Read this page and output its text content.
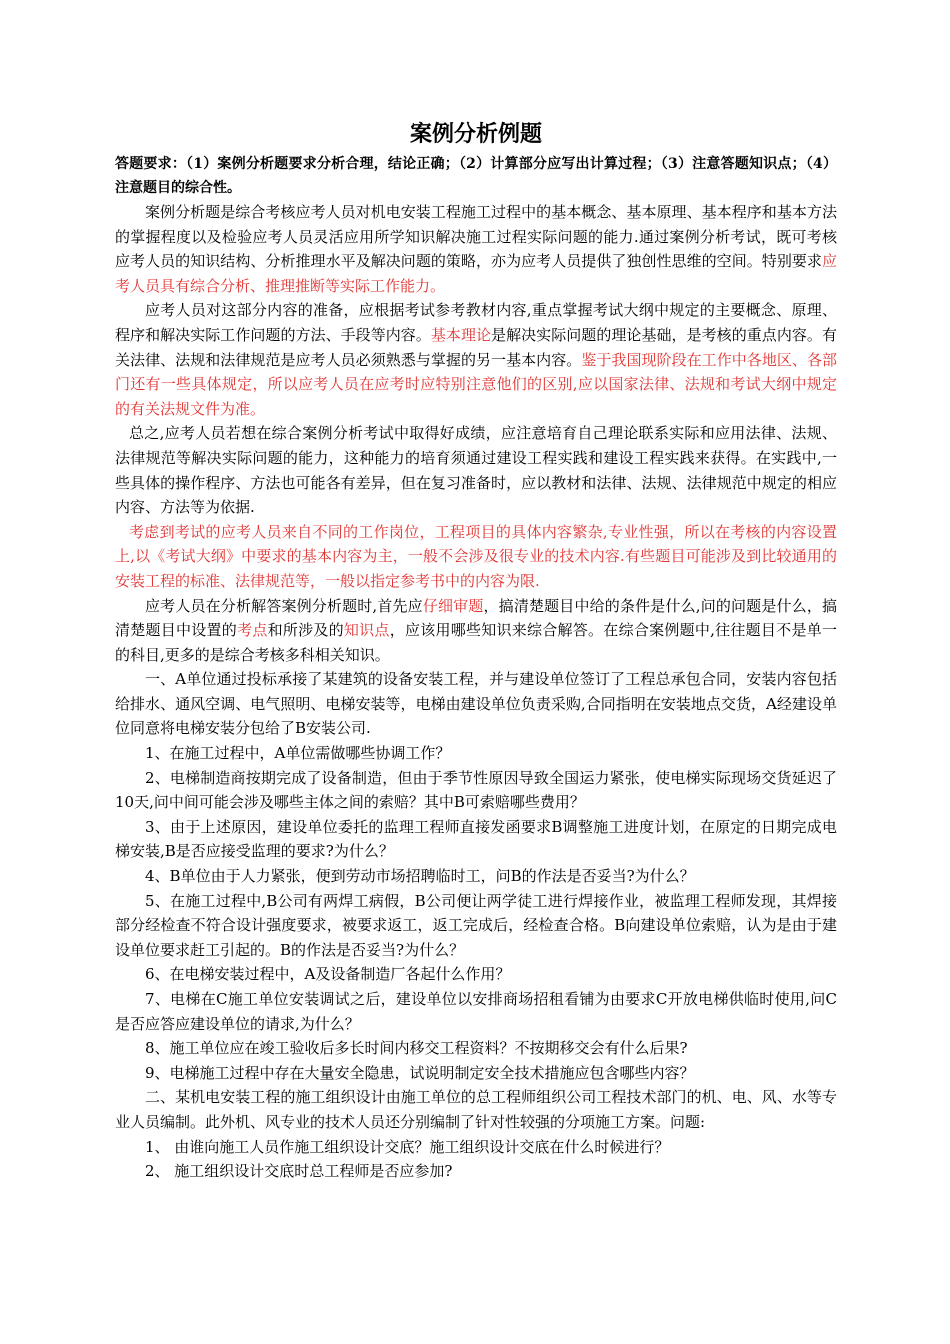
案例分析例题

答题要求：（1）案例分析题要求分析合理，结论正确；（2）计算部分应写出计算过程；（3）注意答题知识点；（4）注意题目的综合性。

案例分析题是综合考核应考人员对机电安装工程施工过程中的基本概念、基本原理、基本程序和基本方法的掌握程度以及检验应考人员灵活应用所学知识解决施工过程实际问题的能力.通过案例分析考试，既可考核应考人员的知识结构、分析推理水平及解决问题的策略，亦为应考人员提供了独创性思维的空间。特别要求应考人员具有综合分析、推理推断等实际工作能力。

应考人员对这部分内容的准备，应根据考试参考教材内容,重点掌握考试大纲中规定的主要概念、原理、程序和解决实际工作问题的方法、手段等内容。基本理论是解决实际问题的理论基础，是考核的重点内容。有关法律、法规和法律规范是应考人员必须熟悉与掌握的另一基本内容。鉴于我国现阶段在工作中各地区、各部门还有一些具体规定，所以应考人员在应考时应特别注意他们的区别,应以国家法律、法规和考试大纲中规定的有关法规文件为准。

总之,应考人员若想在综合案例分析考试中取得好成绩，应注意培育自己理论联系实际和应用法律、法规、法律规范等解决实际问题的能力，这种能力的培育须通过建设工程实践和建设工程实践来获得。在实践中,一些具体的操作程序、方法也可能各有差异，但在复习准备时，应以教材和法律、法规、法律规范中规定的相应内容、方法等为依据.

考虑到考试的应考人员来自不同的工作岗位，工程项目的具体内容繁杂,专业性强，所以在考核的内容设置上,以《考试大纲》中要求的基本内容为主，一般不会涉及很专业的技术内容.有些题目可能涉及到比较通用的安装工程的标准、法律规范等，一般以指定参考书中的内容为限.

应考人员在分析解答案例分析题时,首先应仔细审题，搞清楚题目中给的条件是什么,问的问题是什么，搞清楚题目中设置的考点和所涉及的知识点，应该用哪些知识来综合解答。在综合案例题中,往往题目不是单一的科目,更多的是综合考核多科相关知识。

一、A单位通过投标承接了某建筑的设备安装工程，并与建设单位签订了工程总承包合同，安装内容包括给排水、通风空调、电气照明、电梯安装等，电梯由建设单位负责采购,合同指明在安装地点交货，A经建设单位同意将电梯安装分包给了B安装公司.

1、在施工过程中，A单位需做哪些协调工作？

2、电梯制造商按期完成了设备制造，但由于季节性原因导致全国运力紧张，使电梯实际现场交货延迟了10天,问中间可能会涉及哪些主体之间的索赔？其中B可索赔哪些费用？

3、由于上述原因，建设单位委托的监理工程师直接发函要求B调整施工进度计划，在原定的日期完成电梯安装,B是否应接受监理的要求?为什么？

4、B单位由于人力紧张，便到劳动市场招聘临时工，问B的作法是否妥当?为什么？

5、在施工过程中,B公司有两焊工病假，B公司便让两学徒工进行焊接作业，被监理工程师发现，其焊接部分经检查不符合设计强度要求，被要求返工，返工完成后，经检查合格。B向建设单位索赔，认为是由于建设单位要求赶工引起的。B的作法是否妥当?为什么？

6、在电梯安装过程中，A及设备制造厂各起什么作用？

7、电梯在C施工单位安装调试之后，建设单位以安排商场招租看铺为由要求C开放电梯供临时使用,问C是否应答应建设单位的请求,为什么？

8、施工单位应在竣工验收后多长时间内移交工程资料？不按期移交会有什么后果?

9、电梯施工过程中存在大量安全隐患，试说明制定安全技术措施应包含哪些内容？

二、某机电安装工程的施工组织设计由施工单位的总工程师组织公司工程技术部门的机、电、风、水等专业人员编制。此外机、风专业的技术人员还分别编制了针对性较强的分项施工方案。问题:

1、 由谁向施工人员作施工组织设计交底？施工组织设计交底在什么时候进行？

2、 施工组织设计交底时总工程师是否应参加?
